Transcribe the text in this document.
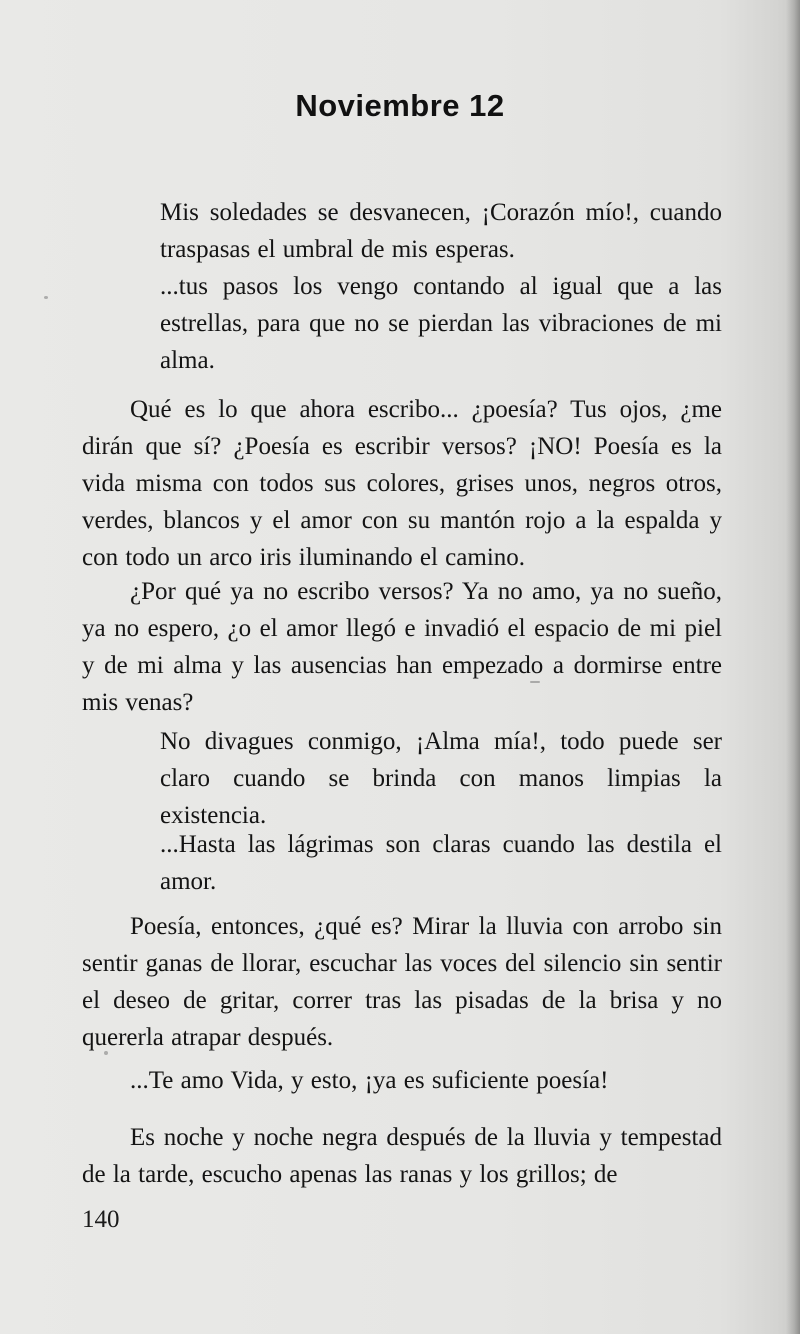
Noviembre 12

Mis soledades se desvanecen, ¡Corazón mío!, cuando traspasas el umbral de mis esperas.

...tus pasos los vengo contando al igual que a las estrellas, para que no se pierdan las vibraciones de mi alma.

Qué es lo que ahora escribo... ¿poesía? Tus ojos, ¿me dirán que sí? ¿Poesía es escribir versos? ¡NO! Poesía es la vida misma con todos sus colores, grises unos, negros otros, verdes, blancos y el amor con su mantón rojo a la espalda y con todo un arco iris iluminando el camino.

¿Por qué ya no escribo versos? Ya no amo, ya no sueño, ya no espero, ¿o el amor llegó e invadió el espacio de mi piel y de mi alma y las ausencias han empezado a dormirse entre mis venas?

No divagues conmigo, ¡Alma mía!, todo puede ser claro cuando se brinda con manos limpias la existencia.

...Hasta las lágrimas son claras cuando las destila el amor.

Poesía, entonces, ¿qué es? Mirar la lluvia con arrobo sin sentir ganas de llorar, escuchar las voces del silencio sin sentir el deseo de gritar, correr tras las pisadas de la brisa y no quererla atrapar después.

...Te amo Vida, y esto, ¡ya es suficiente poesía!

Es noche y noche negra después de la lluvia y tempestad de la tarde, escucho apenas las ranas y los grillos; de

140
